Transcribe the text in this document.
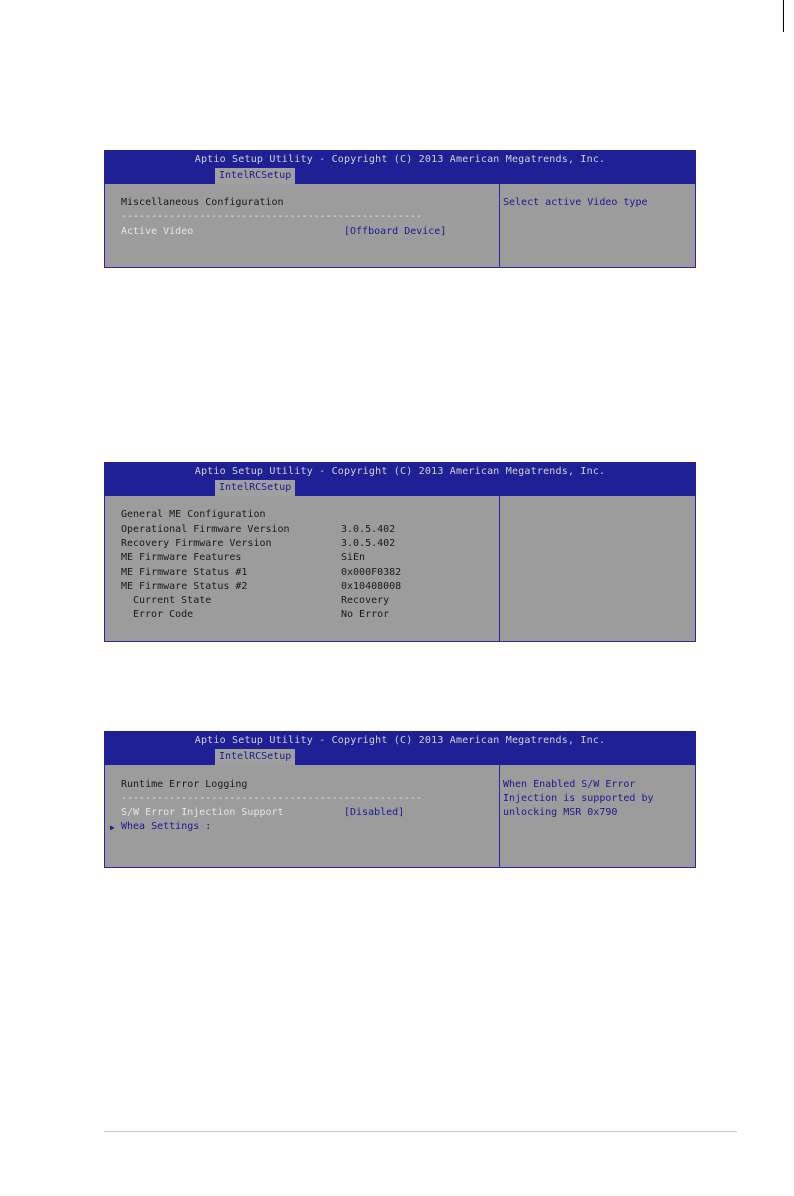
Aptio Setup Utility - Copyright (C) 2013 American Megatrends, Inc.
IntelRCSetup
Miscellaneous Configuration
--------------------------------------------------
Active Video	[Offboard Device]
Select active Video type
Aptio Setup Utility - Copyright (C) 2013 American Megatrends, Inc.
IntelRCSetup
General ME Configuration
Operational Firmware Version	3.0.5.402
Recovery Firmware Version	3.0.5.402
ME Firmware Features	SiEn
ME Firmware Status #1	0x000F0382
ME Firmware Status #2	0x10408008
Current State	Recovery
Error Code	No Error
Aptio Setup Utility - Copyright (C) 2013 American Megatrends, Inc.
IntelRCSetup
Runtime Error Logging
--------------------------------------------------
S/W Error Injection Support	[Disabled]
▶ Whea Settings :
When Enabled S/W Error
Injection is supported by
unlocking MSR 0x790
